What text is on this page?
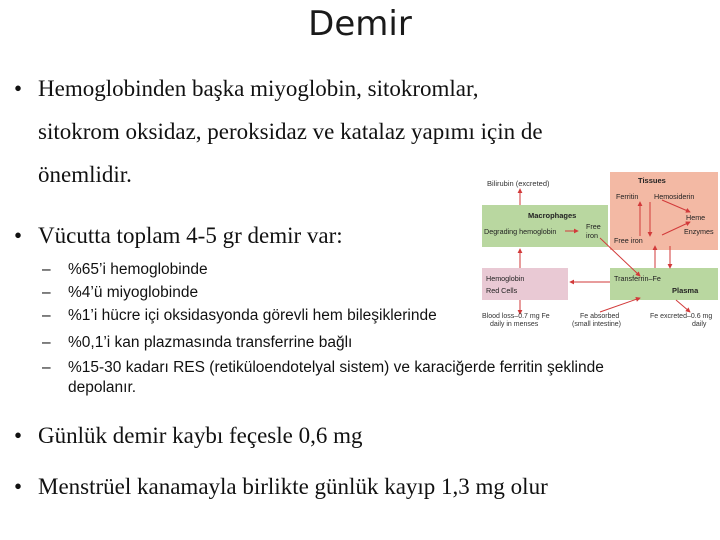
Demir
• Hemoglobinden başka miyoglobin, sitokromlar,
sitokrom oksidaz, peroksidaz ve katalaz yapımı için de
önemlidir.
• Vücutta toplam 4-5 gr demir var:
– %65’i hemoglobinde
– %4’ü miyoglobinde
– %1’i hücre içi oksidasyonda görevli hem bileşiklerinde
– %0,1’i kan plazmasında transferrine bağlı
– %15-30 kadarı RES (retiküloendotelyal sistem) ve karaciğerde ferritin şeklinde
depolanır.
• Günlük demir kaybı feçesle 0,6 mg
• Menstrüel kanamayla birlikte günlük kayıp 1,3 mg olur
Bilirubin (excreted)
Macrophages
Degrading hemoglobin
Free
iron
Tissues
Ferritin Hemosiderin
Heme
Enzymes
Free iron
Hemoglobin
Red Cells
Transferrin–Fe
Plasma
Blood loss–0.7 mg Fe
daily in menses
Fe absorbed
(small intestine)
Fe excreted–0.6 mg
daily
